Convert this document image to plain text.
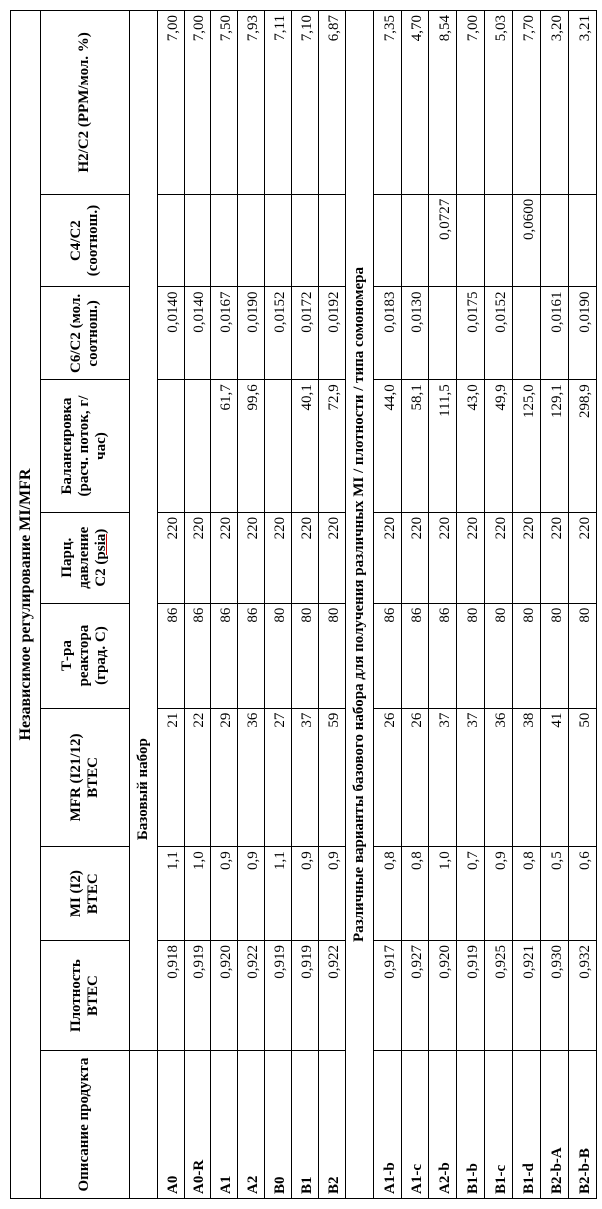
Независимое регулирование MI/MFR
Описание продукта	Плотность BTEC	MI (I2) BTEC	MFR (I21/12) BTEC	Т-ра реактора (град. С)	Парц. давление С2 (psia)	Балансировка (расч. поток, г/час)	С6/С2 (мол. соотнош.)	С4/С2 (соотнош.)	Н2/С2 (PPM/мол. %)
	Базовый набор
A0	0,918	1,1	21	86	220		0,0140		7,00
A0-R	0,919	1,0	22	86	220		0,0140		7,00
A1	0,920	0,9	29	86	220	61,7	0,0167		7,50
A2	0,922	0,9	36	86	220	99,6	0,0190		7,93
B0	0,919	1,1	27	80	220		0,0152		7,11
B1	0,919	0,9	37	80	220	40,1	0,0172		7,10
B2	0,922	0,9	59	80	220	72,9	0,0192		6,87
Различные варианты базового набора для получения различных MI / плотности / типа сомономера
A1-b	0,917	0,8	26	86	220	44,0	0,0183		7,35
A1-c	0,927	0,8	26	86	220	58,1	0,0130		4,70
A2-b	0,920	1,0	37	86	220	111,5		0,0727	8,54
B1-b	0,919	0,7	37	80	220	43,0	0,0175		7,00
B1-c	0,925	0,9	36	80	220	49,9	0,0152		5,03
B1-d	0,921	0,8	38	80	220	125,0		0,0600	7,70
B2-b-A	0,930	0,5	41	80	220	129,1	0,0161		3,20
B2-b-B	0,932	0,6	50	80	220	298,9	0,0190		3,21
